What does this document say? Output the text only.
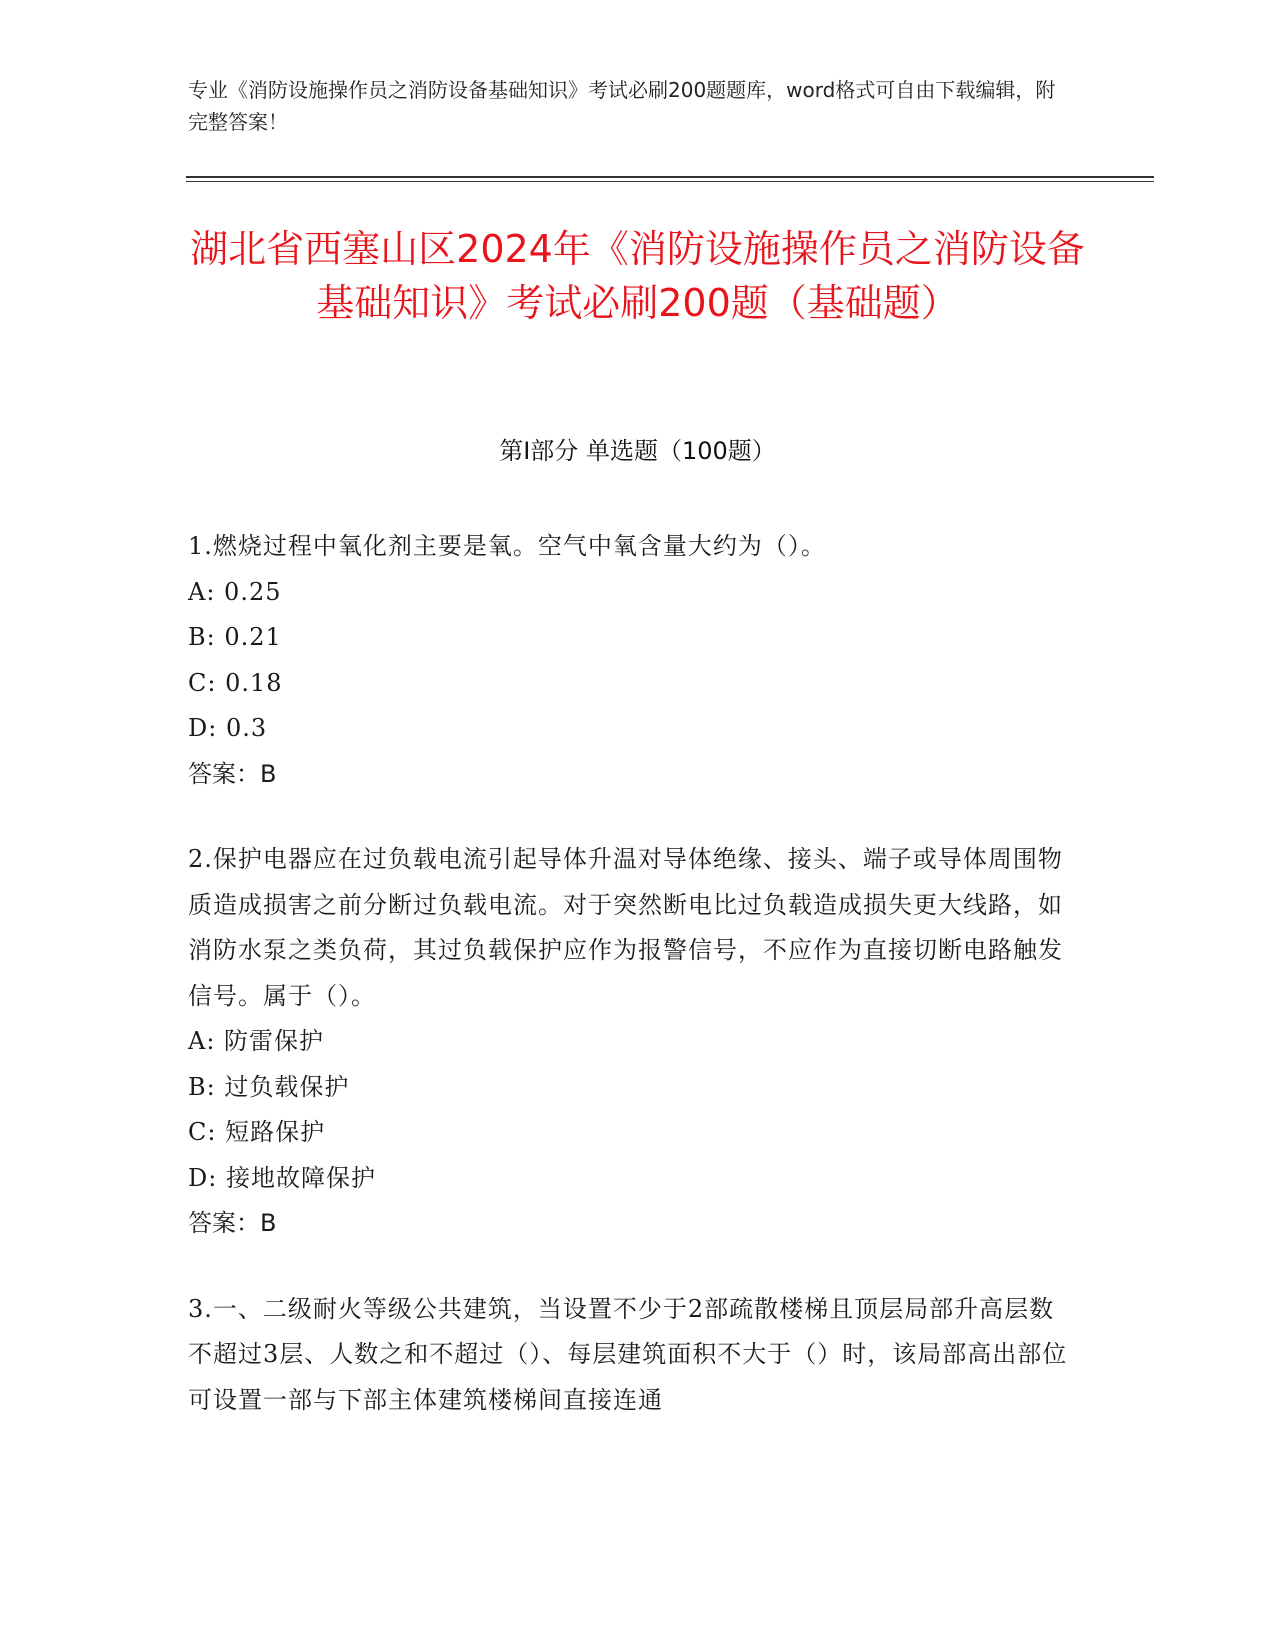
专业《消防设施操作员之消防设备基础知识》考试必刷200题题库，word格式可自由下载编辑，附完整答案！
湖北省西塞山区2024年《消防设施操作员之消防设备基础知识》考试必刷200题（基础题）
第I部分 单选题（100题）

1.燃烧过程中氧化剂主要是氧。空气中氧含量大约为（）。

A: 0.25

B: 0.21

C: 0.18

D: 0.3

答案：B

2.保护电器应在过负载电流引起导体升温对导体绝缘、接头、端子或导体周围物质造成损害之前分断过负载电流。对于突然断电比过负载造成损失更大线路，如消防水泵之类负荷，其过负载保护应作为报警信号，不应作为直接切断电路触发信号。属于（）。

A: 防雷保护

B: 过负载保护

C: 短路保护

D: 接地故障保护

答案：B

3.一、二级耐火等级公共建筑，当设置不少于2部疏散楼梯且顶层局部升高层数不超过3层、人数之和不超过（）、每层建筑面积不大于（）时，该局部高出部位可设置一部与下部主体建筑楼梯间直接连通
